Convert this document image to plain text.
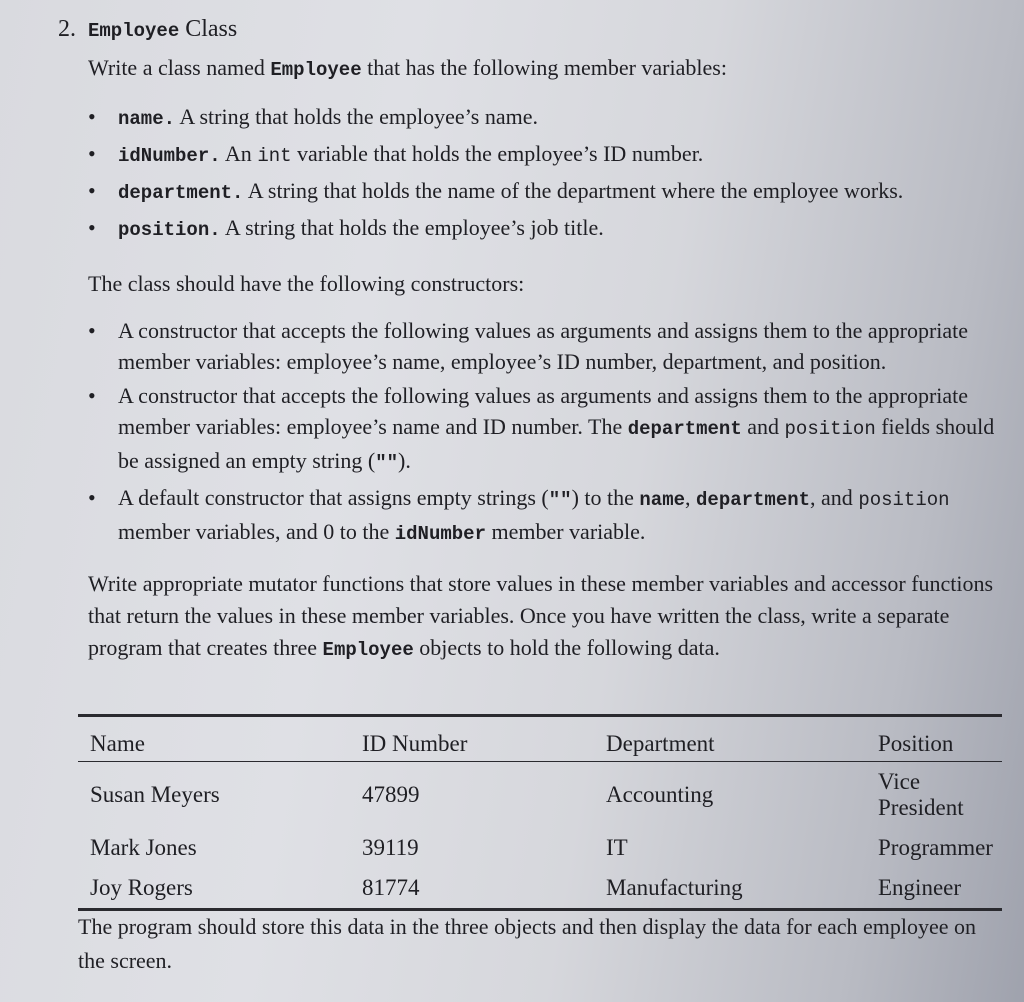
2. Employee Class
Write a class named Employee that has the following member variables:
• name. A string that holds the employee’s name.
• idNumber. An int variable that holds the employee’s ID number.
• department. A string that holds the name of the department where the employee works.
• position. A string that holds the employee’s job title.
The class should have the following constructors:
• A constructor that accepts the following values as arguments and assigns them to the appropriate member variables: employee’s name, employee’s ID number, department, and position.
• A constructor that accepts the following values as arguments and assigns them to the appropriate member variables: employee’s name and ID number. The department and position fields should be assigned an empty string ("").
• A default constructor that assigns empty strings ("") to the name, department, and position member variables, and 0 to the idNumber member variable.
Write appropriate mutator functions that store values in these member variables and accessor functions that return the values in these member variables. Once you have written the class, write a separate program that creates three Employee objects to hold the following data.
Name	ID Number	Department	Position

Susan Meyers	47899	Accounting	Vice President
Mark Jones	39119	IT	Programmer
Joy Rogers	81774	Manufacturing	Engineer
The program should store this data in the three objects and then display the data for each employee on the screen.
